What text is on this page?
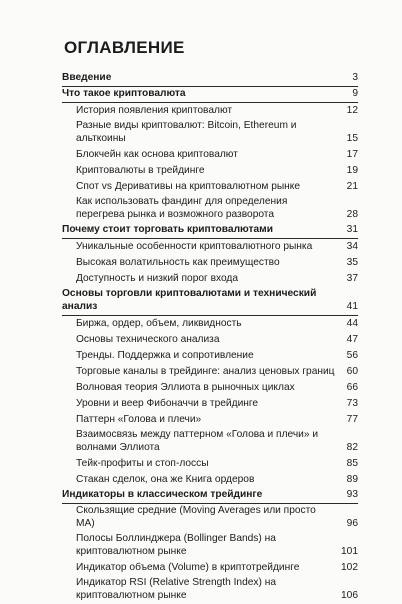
ОГЛАВЛЕНИЕ
Введение	3
Что такое криптовалюта	9
История появления криптовалют	12
Разные виды криптовалют: Bitcoin, Ethereum и альткоины	15
Блокчейн как основа криптовалют	17
Криптовалюты в трейдинге	19
Спот vs Деривативы на криптовалютном рынке	21
Как использовать фандинг для определения перегрева рынка и возможного разворота	28
Почему стоит торговать криптовалютами	31
Уникальные особенности криптовалютного рынка	34
Высокая волатильность как преимущество	35
Доступность и низкий порог входа	37
Основы торговли криптовалютами и технический анализ	41
Биржа, ордер, объем, ликвидность	44
Основы технического анализа	47
Тренды. Поддержка и сопротивление	56
Торговые каналы в трейдинге: анализ ценовых границ	60
Волновая теория Эллиота в рыночных циклах	66
Уровни и веер Фибоначчи в трейдинге	73
Паттерн «Голова и плечи»	77
Взаимосвязь между паттерном «Голова и плечи» и волнами Эллиота	82
Тейк-профиты и стоп-лоссы	85
Стакан сделок, она же Книга ордеров	89
Индикаторы в классическом трейдинге	93
Скользящие средние (Moving Averages или просто MA)	96
Полосы Боллинджера (Bollinger Bands) на криптовалютном рынке	101
Индикатор объема (Volume) в криптотрейдинге	102
Индикатор RSI (Relative Strength Index) на криптовалютном рынке	106
